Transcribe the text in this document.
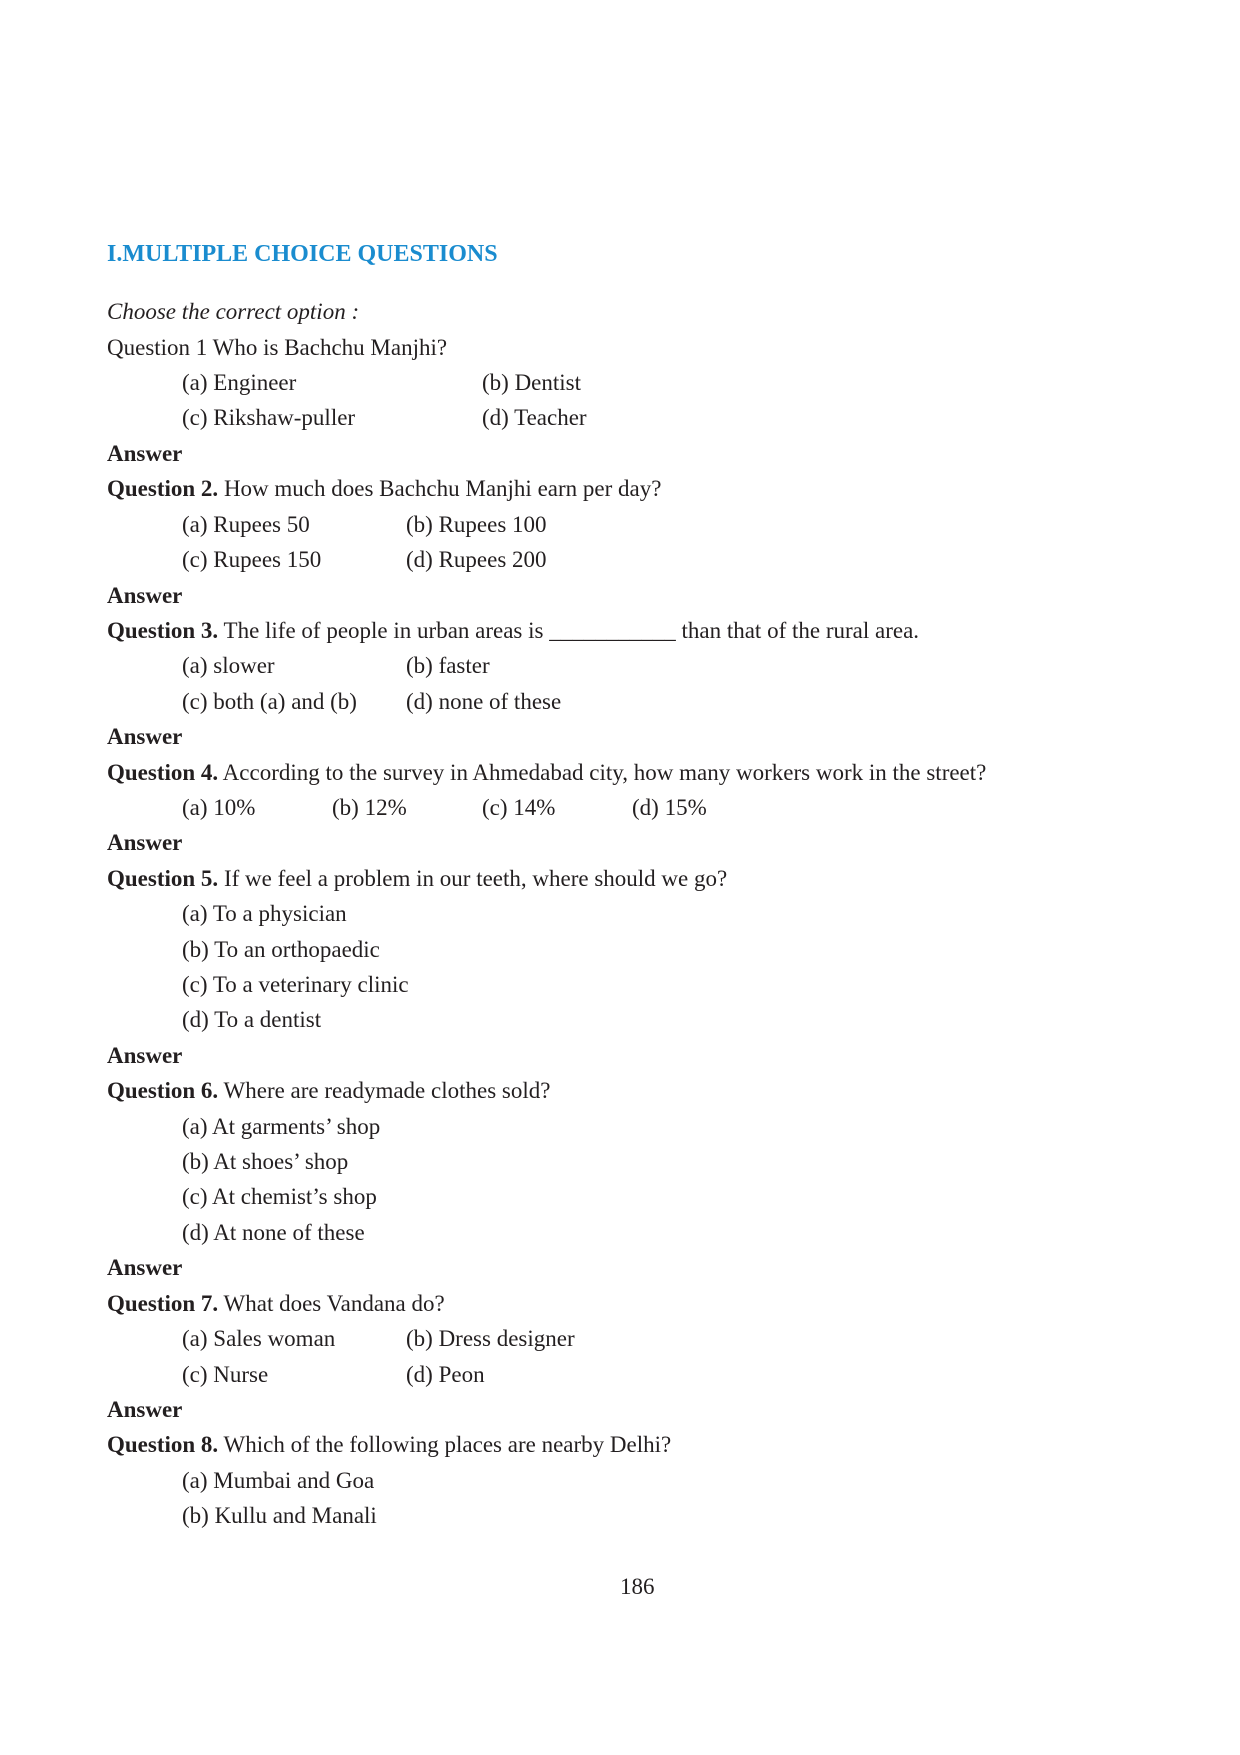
I.MULTIPLE CHOICE QUESTIONS
Choose the correct option :
Question 1 Who is Bachchu Manjhi?
(a) Engineer	(b) Dentist
(c) Rikshaw-puller	(d) Teacher
Answer
Question 2. How much does Bachchu Manjhi earn per day?
(a) Rupees 50	(b) Rupees 100
(c) Rupees 150	(d) Rupees 200
Answer
Question 3. The life of people in urban areas is ___________ than that of the rural area.
(a) slower	(b) faster
(c) both (a) and (b) (d) none of these
Answer
Question 4. According to the survey in Ahmedabad city, how many workers work in the street?
(a) 10%	(b) 12%	(c) 14%	(d) 15%
Answer
Question 5. If we feel a problem in our teeth, where should we go?
(a) To a physician
(b) To an orthopaedic
(c) To a veterinary clinic
(d) To a dentist
Answer
Question 6. Where are readymade clothes sold?
(a) At garments’ shop
(b) At shoes’ shop
(c) At chemist’s shop
(d) At none of these
Answer
Question 7. What does Vandana do?
(a) Sales woman	(b) Dress designer
(c) Nurse	(d) Peon
Answer
Question 8. Which of the following places are nearby Delhi?
(a) Mumbai and Goa
(b) Kullu and Manali
186
